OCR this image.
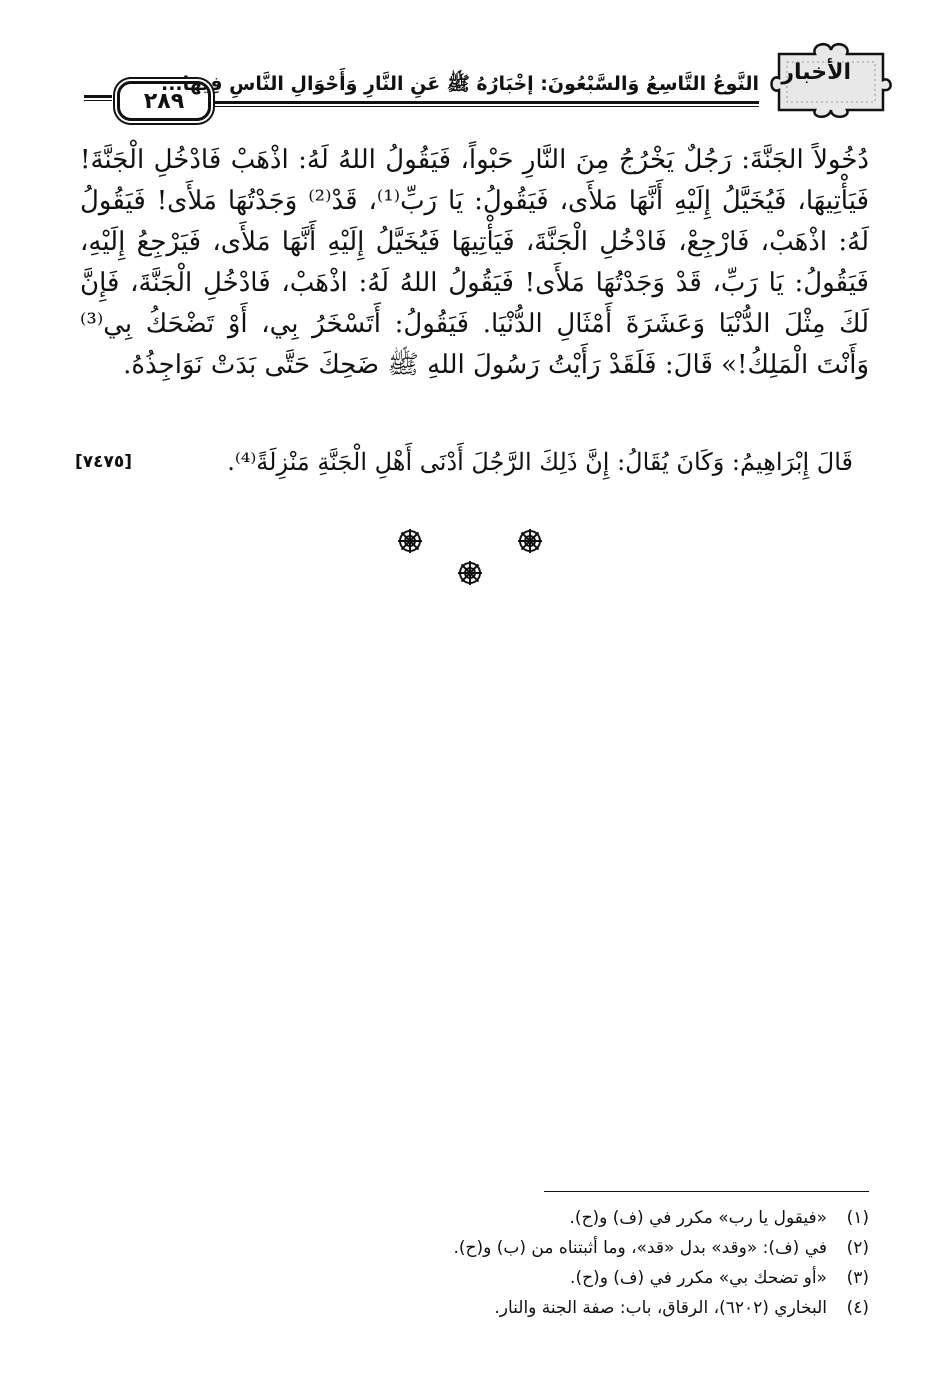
الأخبار
النَّوعُ التَّاسِعُ وَالسَّبْعُونَ: إخْبَارُهُ ﷺ عَنِ النَّارِ وَأَحْوَالِ النَّاسِ فِيهَا...
٢٨٩

دُخُولاً الجَنَّةَ: رَجُلٌ يَخْرُجُ مِنَ النَّارِ حَبْواً، فَيَقُولُ اللهُ لَهُ: اذْهَبْ فَادْخُلِ الْجَنَّةَ! فَيَأْتِيهَا، فَيُخَيَّلُ إِلَيْهِ أَنَّهَا مَلأَى، فَيَقُولُ: يَا رَبِّ⁽¹⁾، قَدْ⁽²⁾ وَجَدْتُهَا مَلأَى! فَيَقُولُ لَهُ: اذْهَبْ، فَارْجِعْ، فَادْخُلِ الْجَنَّةَ، فَيَأْتِيهَا فَيُخَيَّلُ إِلَيْهِ أَنَّهَا مَلأَى، فَيَرْجِعُ إِلَيْهِ، فَيَقُولُ: يَا رَبِّ، قَدْ وَجَدْتُهَا مَلأَى! فَيَقُولُ اللهُ لَهُ: اذْهَبْ، فَادْخُلِ الْجَنَّةَ، فَإِنَّ لَكَ مِثْلَ الدُّنْيَا وَعَشَرَةَ أَمْثَالِ الدُّنْيَا. فَيَقُولُ: أَتَسْخَرُ بِي، أَوْ تَضْحَكُ بِي⁽³⁾ وَأَنْتَ الْمَلِكُ!» قَالَ: فَلَقَدْ رَأَيْتُ رَسُولَ اللهِ ﷺ ضَحِكَ حَتَّى بَدَتْ نَوَاجِذُهُ.

قَالَ إِبْرَاهِيمُ: وَكَانَ يُقَالُ: إِنَّ ذَلِكَ الرَّجُلَ أَدْنَى أَهْلِ الْجَنَّةِ مَنْزِلَةً⁽⁴⁾.
[٧٤٧٥]
(١)
«فيقول يا رب» مكرر في (ف) و(ح).
(٢)
في (ف): «وقد» بدل «قد»، وما أثبتناه من (ب) و(ح).
(٣)
«أو تضحك بي» مكرر في (ف) و(ح).
(٤)
البخاري (٦٢٠٢)، الرقاق، باب: صفة الجنة والنار.
